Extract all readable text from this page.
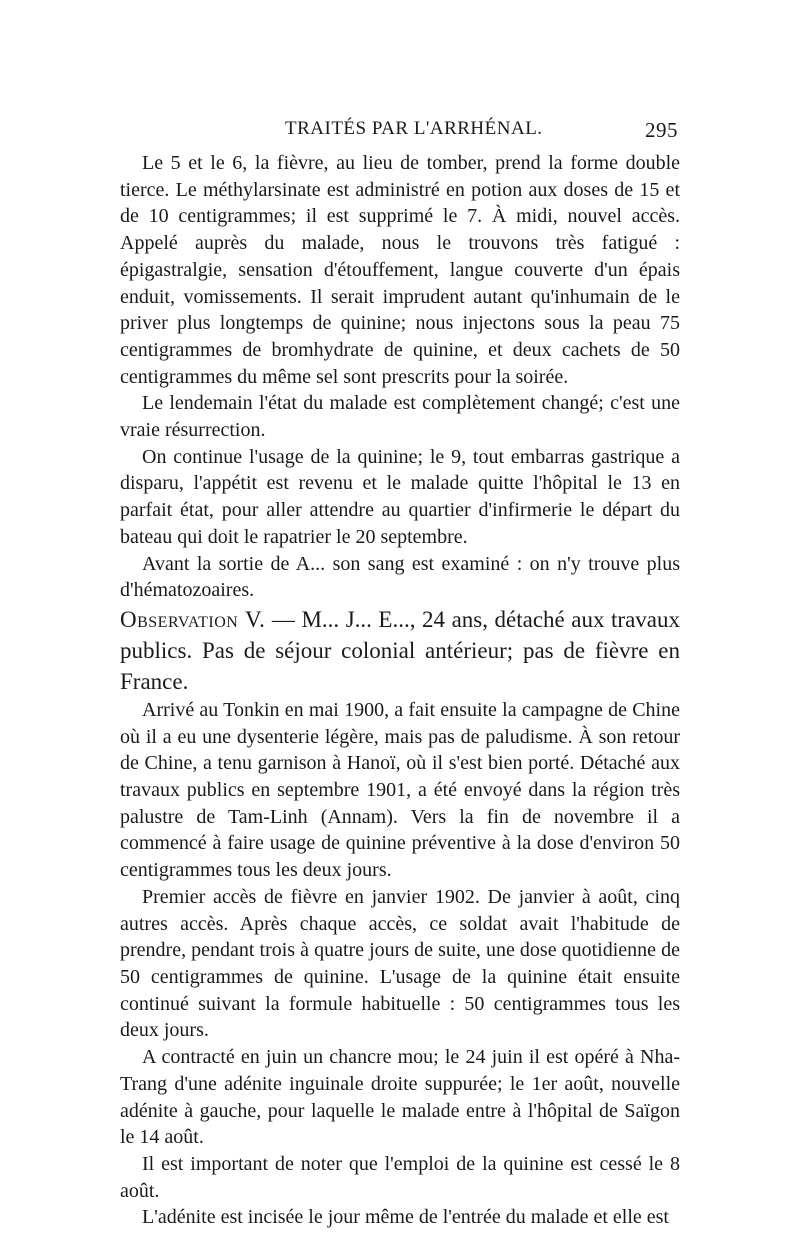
TRAITÉS PAR L'ARRHÉNAL.	295

Le 5 et le 6, la fièvre, au lieu de tomber, prend la forme double tierce. Le méthylarsinate est administré en potion aux doses de 15 et de 10 centigrammes; il est supprimé le 7. À midi, nouvel accès. Appelé auprès du malade, nous le trouvons très fatigué : épigastralgie, sensation d'étouffement, langue couverte d'un épais enduit, vomissements. Il serait imprudent autant qu'inhumain de le priver plus longtemps de quinine; nous injectons sous la peau 75 centigrammes de bromhydrate de quinine, et deux cachets de 50 centigrammes du même sel sont prescrits pour la soirée.

Le lendemain l'état du malade est complètement changé; c'est une vraie résurrection.

On continue l'usage de la quinine; le 9, tout embarras gastrique a disparu, l'appétit est revenu et le malade quitte l'hôpital le 13 en parfait état, pour aller attendre au quartier d'infirmerie le départ du bateau qui doit le rapatrier le 20 septembre.

Avant la sortie de A... son sang est examiné : on n'y trouve plus d'hématozoaires.

Observation V. — M... J... E..., 24 ans, détaché aux travaux publics. Pas de séjour colonial antérieur; pas de fièvre en France.

Arrivé au Tonkin en mai 1900, a fait ensuite la campagne de Chine où il a eu une dysenterie légère, mais pas de paludisme. À son retour de Chine, a tenu garnison à Hanoï, où il s'est bien porté. Détaché aux travaux publics en septembre 1901, a été envoyé dans la région très palustre de Tam-Linh (Annam). Vers la fin de novembre il a commencé à faire usage de quinine préventive à la dose d'environ 50 centigrammes tous les deux jours.

Premier accès de fièvre en janvier 1902. De janvier à août, cinq autres accès. Après chaque accès, ce soldat avait l'habitude de prendre, pendant trois à quatre jours de suite, une dose quotidienne de 50 centigrammes de quinine. L'usage de la quinine était ensuite continué suivant la formule habituelle : 50 centigrammes tous les deux jours.

A contracté en juin un chancre mou; le 24 juin il est opéré à Nha-Trang d'une adénite inguinale droite suppurée; le 1er août, nouvelle adénite à gauche, pour laquelle le malade entre à l'hôpital de Saïgon le 14 août.

Il est important de noter que l'emploi de la quinine est cessé le 8 août.

L'adénite est incisée le jour même de l'entrée du malade et elle est
